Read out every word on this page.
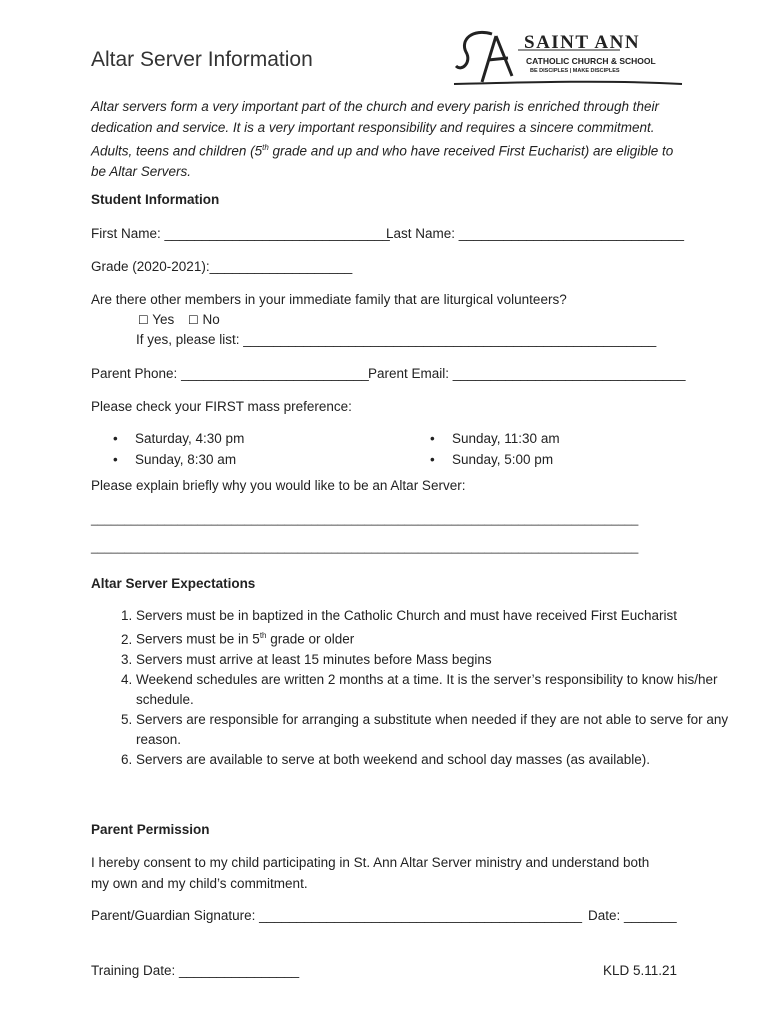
Altar Server Information
SAINT ANN
CATHOLIC CHURCH & SCHOOL
BE DISCIPLES | MAKE DISCIPLES
Altar servers form a very important part of the church and every parish is enriched through their dedication and service. It is a very important responsibility and requires a sincere commitment. Adults, teens and children (5th grade and up and who have received First Eucharist) are eligible to be Altar Servers.
Student Information
First Name: ______________________________
Last Name: ______________________________
Grade (2020-2021):___________________
Are there other members in your immediate family that are liturgical volunteers?
☐ Yes ☐ No
If yes, please list: _______________________________________________________
Parent Phone: _________________________ Parent Email: _______________________________
Please check your FIRST mass preference:
• Saturday, 4:30 pm
• Sunday, 8:30 am
• Sunday, 11:30 am
• Sunday, 5:00 pm
Please explain briefly why you would like to be an Altar Server:
__________________________________________________________________________________
__________________________________________________________________________________
Altar Server Expectations
1. Servers must be in baptized in the Catholic Church and must have received First Eucharist
2. Servers must be in 5th grade or older
3. Servers must arrive at least 15 minutes before Mass begins
4. Weekend schedules are written 2 months at a time. It is the server’s responsibility to know his/her schedule.
5. Servers are responsible for arranging a substitute when needed if they are not able to serve for any reason.
6. Servers are available to serve at both weekend and school day masses (as available).
Parent Permission
I hereby consent to my child participating in St. Ann Altar Server ministry and understand both my own and my child’s commitment.
Parent/Guardian Signature: ___________________________________________ Date: _______
Training Date: ________________	KLD 5.11.21
